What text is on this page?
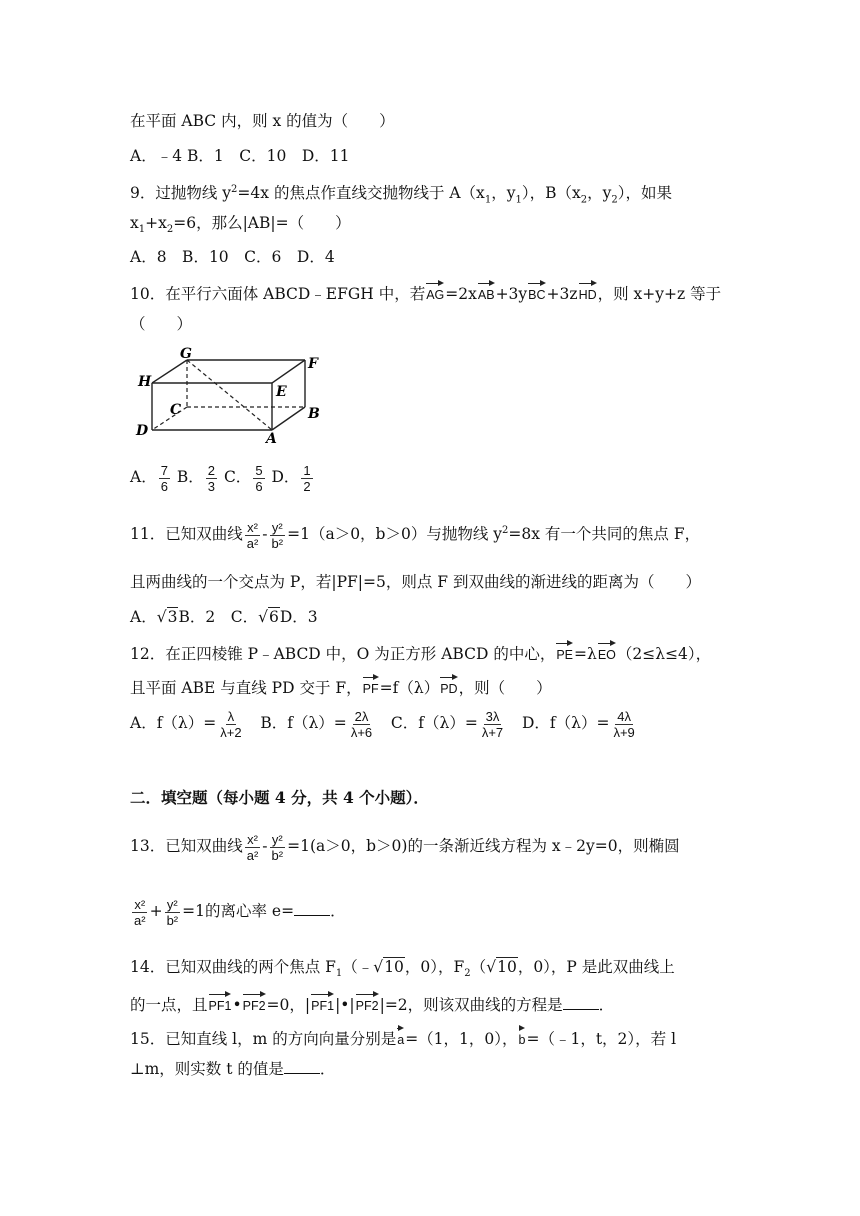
在平面 ABC 内，则 x 的值为（　　）
A．﹣4 B．1　C．10　D．11
9．过抛物线 $y^2=4x$ 的焦点作直线交抛物线于 $A(x_1$，$y_1$），$B(x_2$，$y_2$），如果
$x_1+x_2=6$，那么|AB|=（　　）
A．8　B．10　C．6　D．4
10．在平行六面体 ABCD﹣EFGH 中，若AG=2xAB+3yBC+3zHD，则 x+y+z 等于
（　　）
G
F
H
E
C	B
D	A
A． $\frac{7}{6}$ B． $\frac{2}{3}$ C． $\frac{5}{6}$ D． $\frac{1}{2}$
11．已知双曲线 $\frac{\text{x²}}{\text{a²}} - \frac{\text{y²}}{\text{b²}} =1(a>0$，b＞0）与抛物线 $y^2=8x$ 有一个共同的焦点 F，
且两曲线的一个交点为 P，若|PF|=5，则点 F 到双曲线的渐进线的距离为（　　）
A．√3B．2　C．√6D．3
12．在正四棱锥 P﹣ABCD 中，O 为正方形 ABCD 的中心，PE=λEO（2≤λ≤4），
且平面 ABE 与直线 PD 交于 F，PF=f（λ）PD，则（　　）
A．$f(\lambda)= \frac{\lambda}{\lambda+2}$ B．$f(\lambda)= \frac{2\lambda}{\lambda+6}$ C．$f(\lambda)= \frac{3\lambda}{\lambda+7}$ D．$f(\lambda)= \frac{4\lambda}{\lambda+9}$
二．填空题（每小题 4 分，共 4 个小题）．
13．已知双曲线 $\frac{\text{x²}}{\text{a²}} - \frac{\text{y²}}{\text{b²}} =1(a>0$，b＞0)的一条渐近线方程为 x﹣2y=0，则椭圆
$\frac{\text{x²}}{\text{a²}} + \frac{\text{y²}}{\text{b²}} =1$的离心率 e= ．
14．已知双曲线的两个焦点 $F_1(﹣√10$，0），$F_2(√10$，0），P 是此双曲线上
的一点，且PF1•PF2=0，|PF1|•|PF2|=2，则该双曲线的方程是 ．
15．已知直线 l，m 的方向向量分别是a=（1，1，0），b=（﹣1，t，2），若 l
⊥m，则实数 t 的值是 ．
